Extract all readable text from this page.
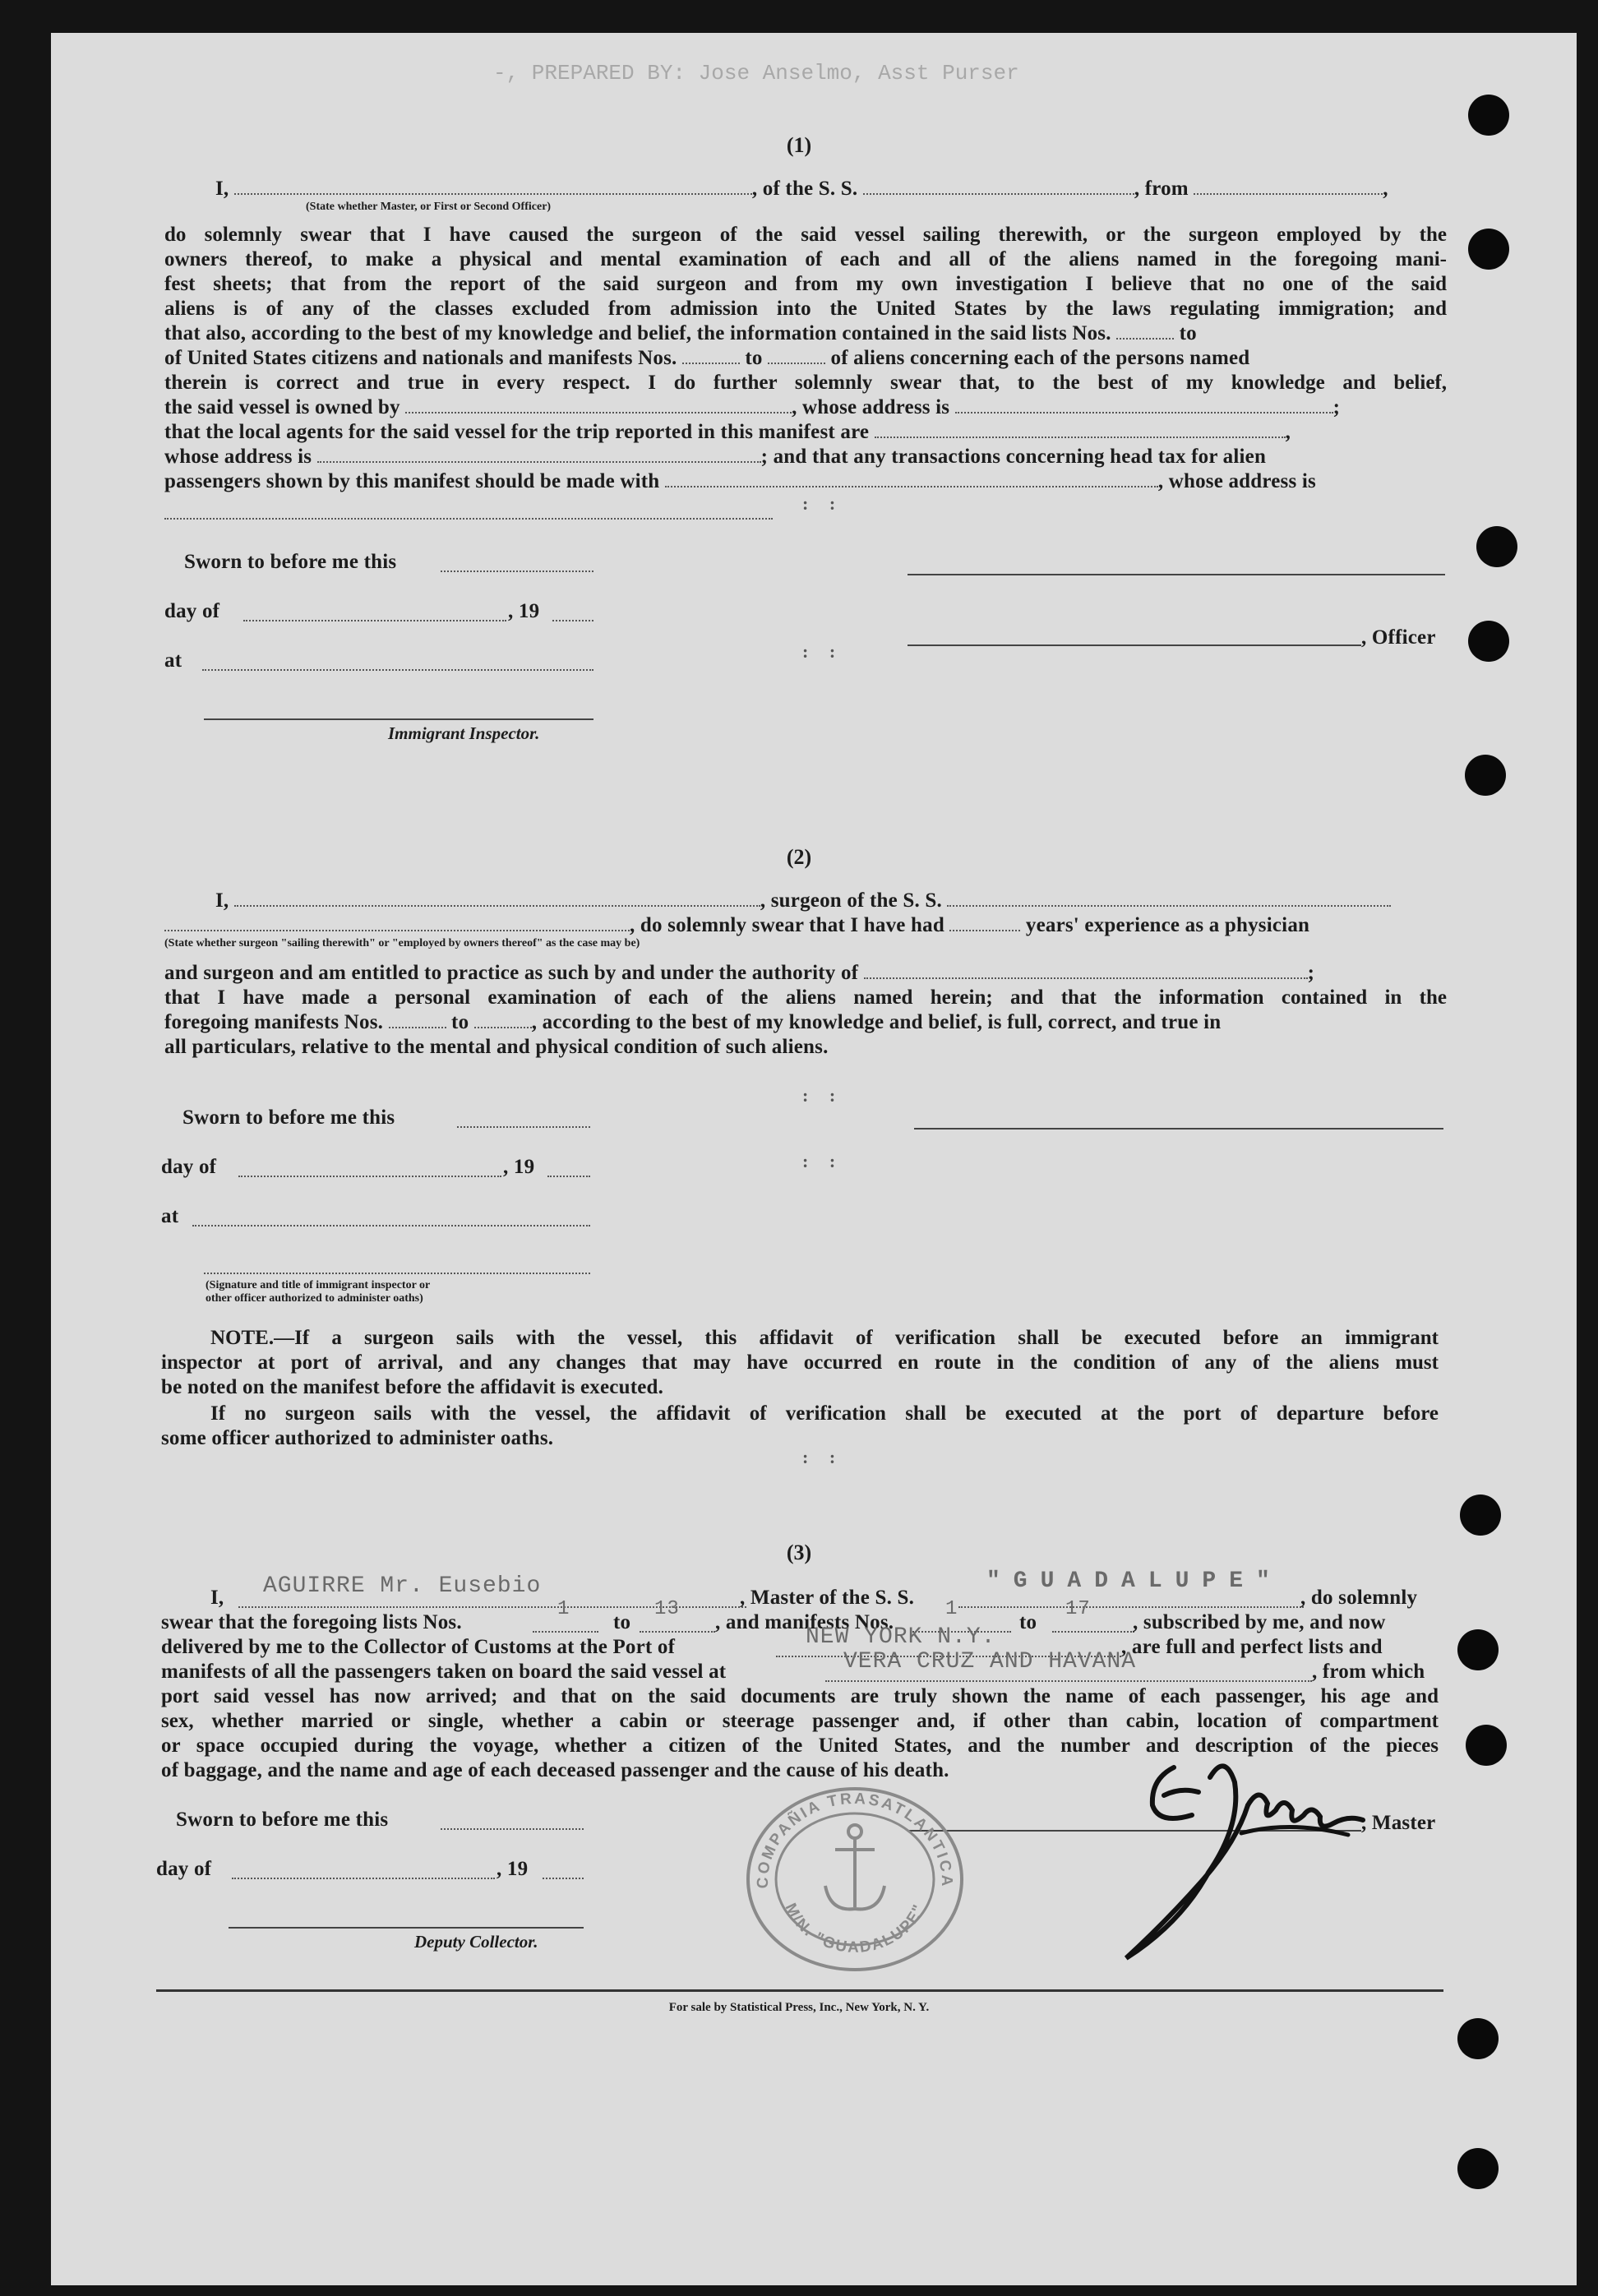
-, PREPARED BY: Jose Anselmo, Asst Purser
(1)
I,	, of the S. S.	, from	,
(State whether Master, or First or Second Officer)
do solemnly swear that I have caused the surgeon of the said vessel sailing therewith, or the surgeon employed by the
owners thereof, to make a physical and mental examination of each and all of the aliens named in the foregoing mani-
fest sheets; that from the report of the said surgeon and from my own investigation I believe that no one of the said
aliens is of any of the classes excluded from admission into the United States by the laws regulating immigration; and
that also, according to the best of my knowledge and belief, the information contained in the said lists Nos.	to
of United States citizens and nationals and manifests Nos.	to	of aliens concerning each of the persons named
therein is correct and true in every respect. I do further solemnly swear that, to the best of my knowledge and belief,
the said vessel is owned by	, whose address is	;
that the local agents for the said vessel for the trip reported in this manifest are	,
whose address is	; and that any transactions concerning head tax for alien
passengers shown by this manifest should be made with	, whose address is
Sworn to before me this
day of	, 19
at
Immigrant Inspector.
, Officer
(2)
I,	, surgeon of the S. S.
, do solemnly swear that I have had	years' experience as a physician
(State whether surgeon "sailing therewith" or "employed by owners thereof" as the case may be)
and surgeon and am entitled to practice as such by and under the authority of	;
that I have made a personal examination of each of the aliens named herein; and that the information contained in the
foregoing manifests Nos.	to	, according to the best of my knowledge and belief, is full, correct, and true in
all particulars, relative to the mental and physical condition of such aliens.
Sworn to before me this
day of	, 19
at
(Signature and title of immigrant inspector or
other officer authorized to administer oaths)
NOTE.—If a surgeon sails with the vessel, this affidavit of verification shall be executed before an immigrant
inspector at port of arrival, and any changes that may have occurred en route in the condition of any of the aliens must
be noted on the manifest before the affidavit is executed.
If no surgeon sails with the vessel, the affidavit of verification shall be executed at the port of departure before
some officer authorized to administer oaths.
(3)
I, AGUIRRE Mr. Eusebio	, Master of the S. S.
"GUADALUPE"
, do solemnly
swear that the foregoing lists Nos.
1
to
13
, and manifests Nos.
1
to
17
, subscribed by me, and now
delivered by me to the Collector of Customs at the Port of	NEW YORK N.Y.	, are full and perfect lists and
manifests of all the passengers taken on board the said vessel at	VERA CRUZ AND HAVANA	, from which
port said vessel has now arrived; and that on the said documents are truly shown the name of each passenger, his age and
sex, whether married or single, whether a cabin or steerage passenger and, if other than cabin, location of compartment
or space occupied during the voyage, whether a citizen of the United States, and the number and description of the pieces
of baggage, and the name and age of each deceased passenger and the cause of his death.
Sworn to before me this
day of	, 19
Deputy Collector.
, Master
COMPAÑIA TRASATLANTICA
M/N. "GUADALUPE"
: :
: :
: :
: :
: :
For sale by Statistical Press, Inc., New York, N. Y.
